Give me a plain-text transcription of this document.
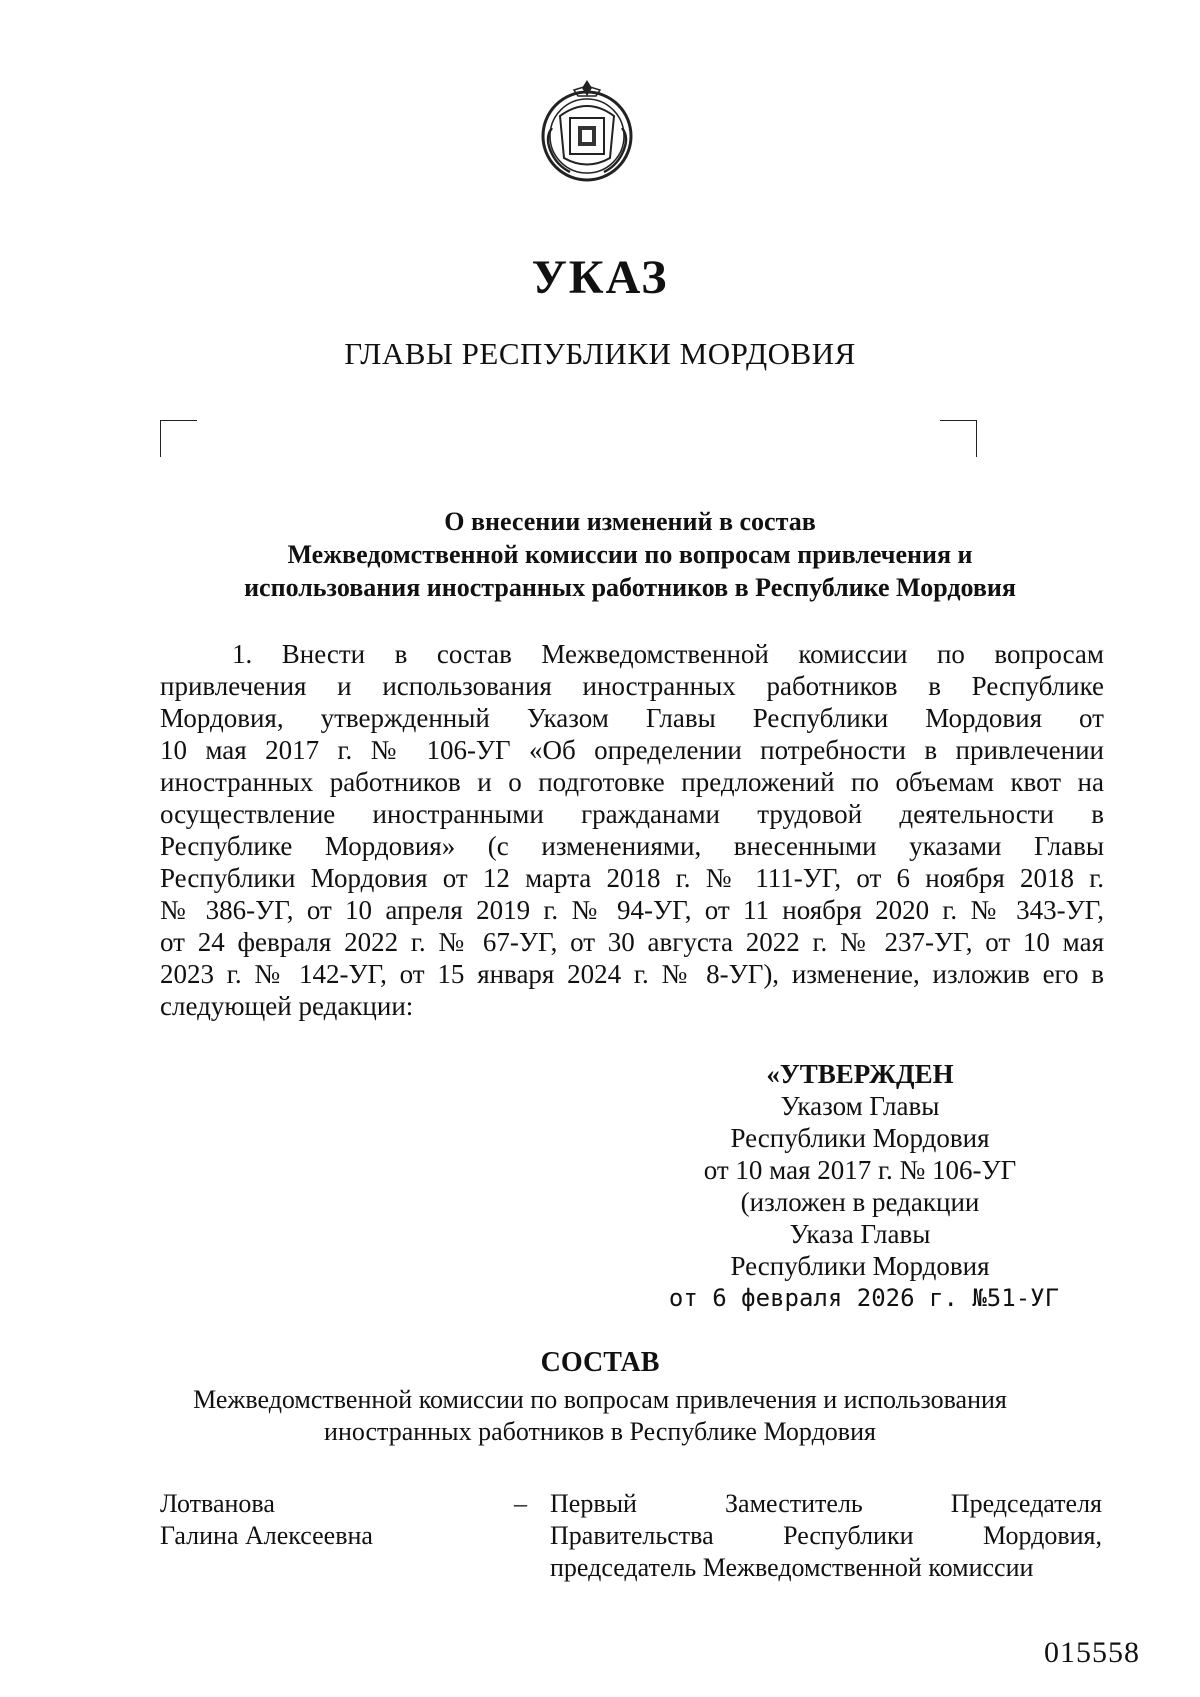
УКАЗ
ГЛАВЫ РЕСПУБЛИКИ МОРДОВИЯ
О внесении изменений в состав
Межведомственной комиссии по вопросам привлечения и
использования иностранных работников в Республике Мордовия
1. Внести в состав Межведомственной комиссии по вопросам
привлечения и использования иностранных работников в Республике
Мордовия, утвержденный Указом Главы Республики Мордовия от
10 мая 2017 г. № 106-УГ «Об определении потребности в привлечении
иностранных работников и о подготовке предложений по объемам квот на
осуществление иностранными гражданами трудовой деятельности в
Республике Мордовия» (с изменениями, внесенными указами Главы
Республики Мордовия от 12 марта 2018 г. № 111-УГ, от 6 ноября 2018 г.
№ 386-УГ, от 10 апреля 2019 г. № 94-УГ, от 11 ноября 2020 г. № 343-УГ,
от 24 февраля 2022 г. № 67-УГ, от 30 августа 2022 г. № 237-УГ, от 10 мая
2023 г. № 142-УГ, от 15 января 2024 г. № 8-УГ), изменение, изложив его в
следующей редакции:
«УТВЕРЖДЕН
Указом Главы
Республики Мордовия
от 10 мая 2017 г. № 106-УГ
(изложен в редакции
Указа Главы
Республики Мордовия
от 6 февраля 2026 г. №51-УГ
СОСТАВ
Межведомственной комиссии по вопросам привлечения и использования
иностранных работников в Республике Мордовия
Лотванова
Галина Алексеевна
– Первый Заместитель Председателя
Правительства Республики Мордовия,
председатель Межведомственной комиссии
015558
